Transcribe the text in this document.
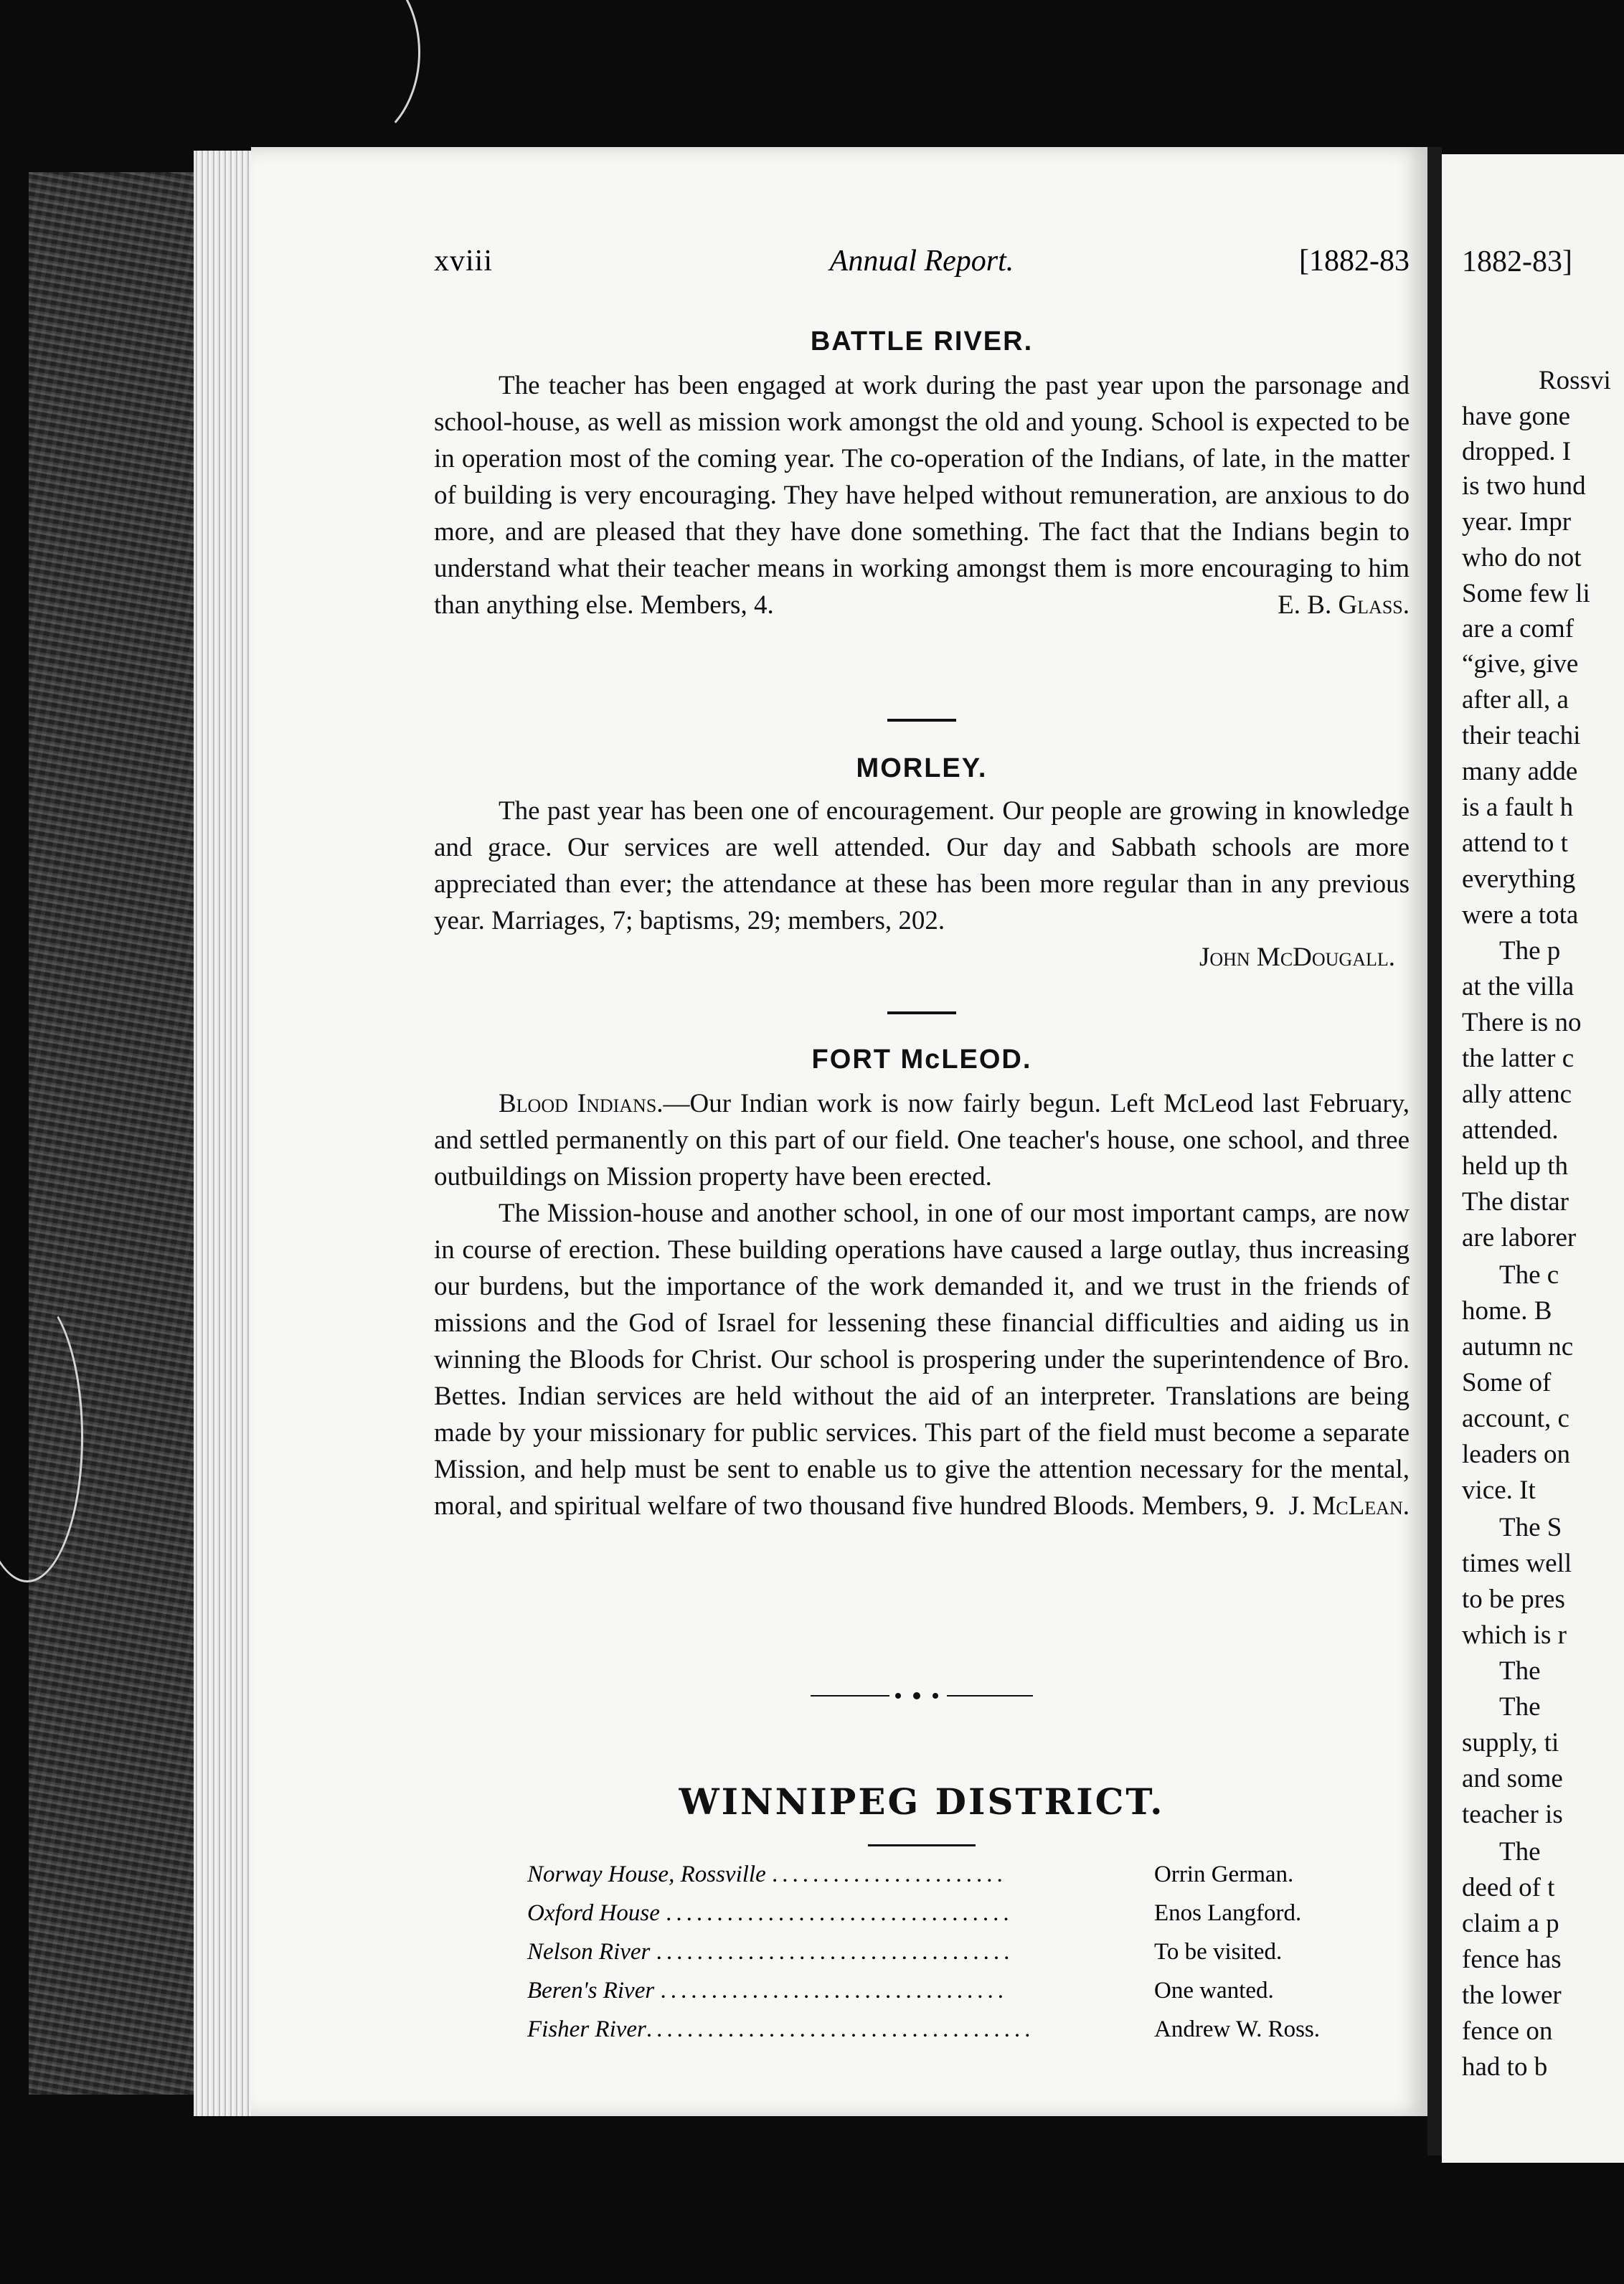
xviii	Annual Report.	[1882-83
BATTLE RIVER.

The teacher has been engaged at work during the past year upon the parsonage and school-house, as well as mission work amongst the old and young. School is expected to be in operation most of the coming year. The co-operation of the Indians, of late, in the matter of building is very encouraging. They have helped without remuneration, are anxious to do more, and are pleased that they have done something. The fact that the Indians begin to understand what their teacher means in working amongst them is more encouraging to him than anything else. Members, 4.	E. B. Glass.

MORLEY.

The past year has been one of encouragement. Our people are growing in knowledge and grace. Our services are well attended. Our day and Sabbath schools are more appreciated than ever; the attendance at these has been more regular than in any previous year. Marriages, 7; baptisms, 29; members, 202.

John McDougall.

FORT McLEOD.

Blood Indians.—Our Indian work is now fairly begun. Left McLeod last February, and settled permanently on this part of our field. One teacher's house, one school, and three outbuildings on Mission property have been erected.

The Mission-house and another school, in one of our most important camps, are now in course of erection. These building operations have caused a large outlay, thus increasing our burdens, but the importance of the work demanded it, and we trust in the friends of missions and the God of Israel for lessening these financial difficulties and aiding us in winning the Bloods for Christ. Our school is prospering under the superintendence of Bro. Bettes. Indian services are held without the aid of an interpreter. Translations are being made by your missionary for public services. This part of the field must become a separate Mission, and help must be sent to enable us to give the attention necessary for the mental, moral, and spiritual welfare of two thousand five hundred Bloods. Members, 9. J. McLean.

WINNIPEG DISTRICT.
Norway House, Rossville .......................	Orrin German.
Oxford House ..................................	Enos Langford.
Nelson River ...................................	To be visited.
Beren's River ..................................	One wanted.
Fisher River......................................	Andrew W. Ross.
1882-83]
Rossvi
have gone
dropped. I
is two hund
year. Impr
who do not
Some few li
are a comf
“give, give
after all, a
their teachi
many adde
is a fault h
attend to t
everything
were a tota
The p
at the villa
There is no
the latter c
ally attenc
attended.
held up th
The distar
are laborer
The c
home. B
autumn nc
Some of
account, c
leaders on
vice. It
The S
times well
to be pres
which is r
The
The
supply, ti
and some
teacher is
The
deed of t
claim a p
fence has
the lower
fence on
had to b
